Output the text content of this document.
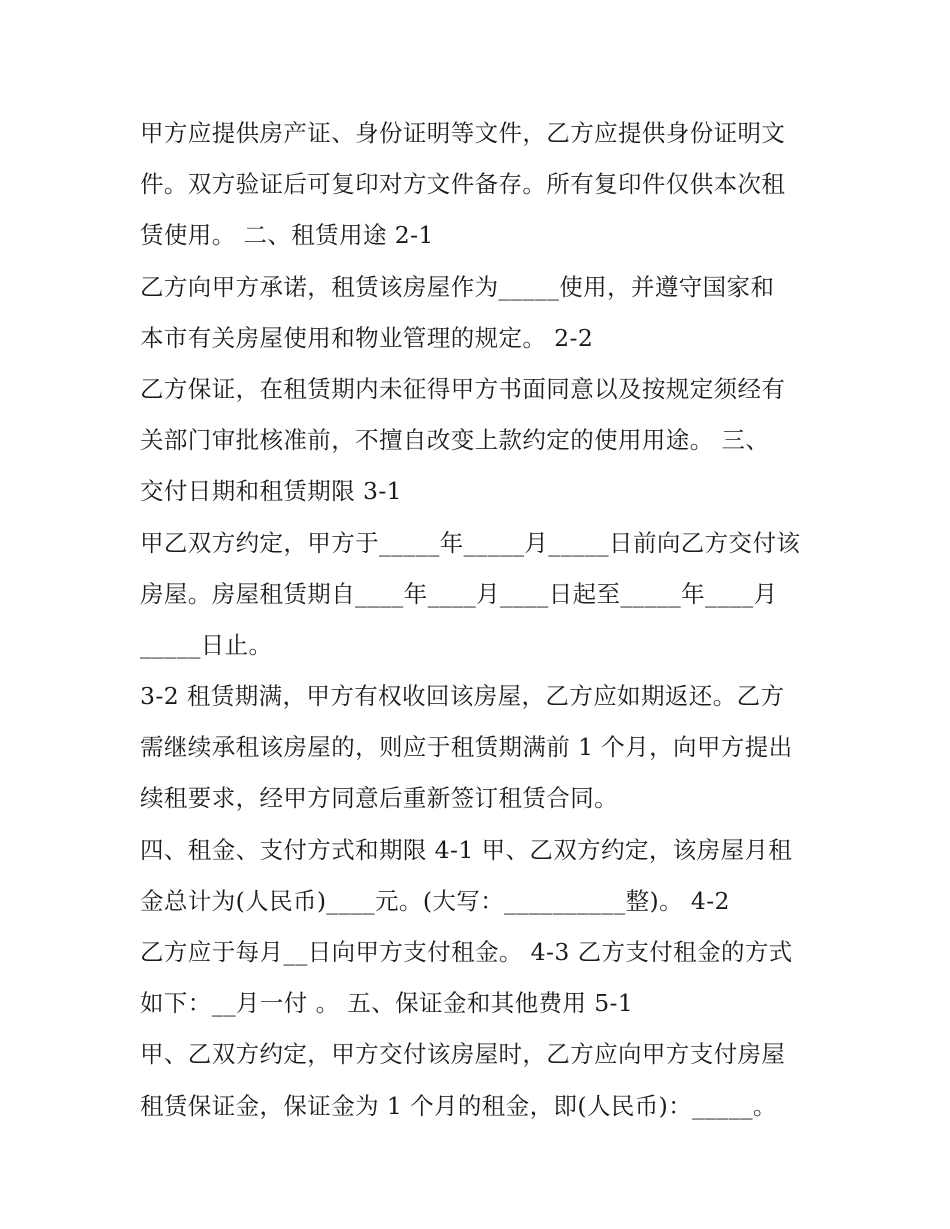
甲方应提供房产证、身份证明等文件，乙方应提供身份证明文
件。双方验证后可复印对方文件备存。所有复印件仅供本次租
赁使用。 二、租赁用途 2-1
乙方向甲方承诺，租赁该房屋作为_____使用，并遵守国家和
本市有关房屋使用和物业管理的规定。 2-2
乙方保证，在租赁期内未征得甲方书面同意以及按规定须经有
关部门审批核准前，不擅自改变上款约定的使用用途。 三、
交付日期和租赁期限 3-1
甲乙双方约定，甲方于_____年_____月_____日前向乙方交付该
房屋。房屋租赁期自____年____月____日起至_____年____月
_____日止。
3-2 租赁期满，甲方有权收回该房屋，乙方应如期返还。乙方
需继续承租该房屋的，则应于租赁期满前 1 个月，向甲方提出
续租要求，经甲方同意后重新签订租赁合同。
四、租金、支付方式和期限 4-1 甲、乙双方约定，该房屋月租
金总计为(人民币)____元。(大写：__________整)。 4-2
乙方应于每月__日向甲方支付租金。 4-3 乙方支付租金的方式
如下：__月一付 。 五、保证金和其他费用 5-1
甲、乙双方约定，甲方交付该房屋时，乙方应向甲方支付房屋
租赁保证金，保证金为 1 个月的租金，即(人民币)：_____。
